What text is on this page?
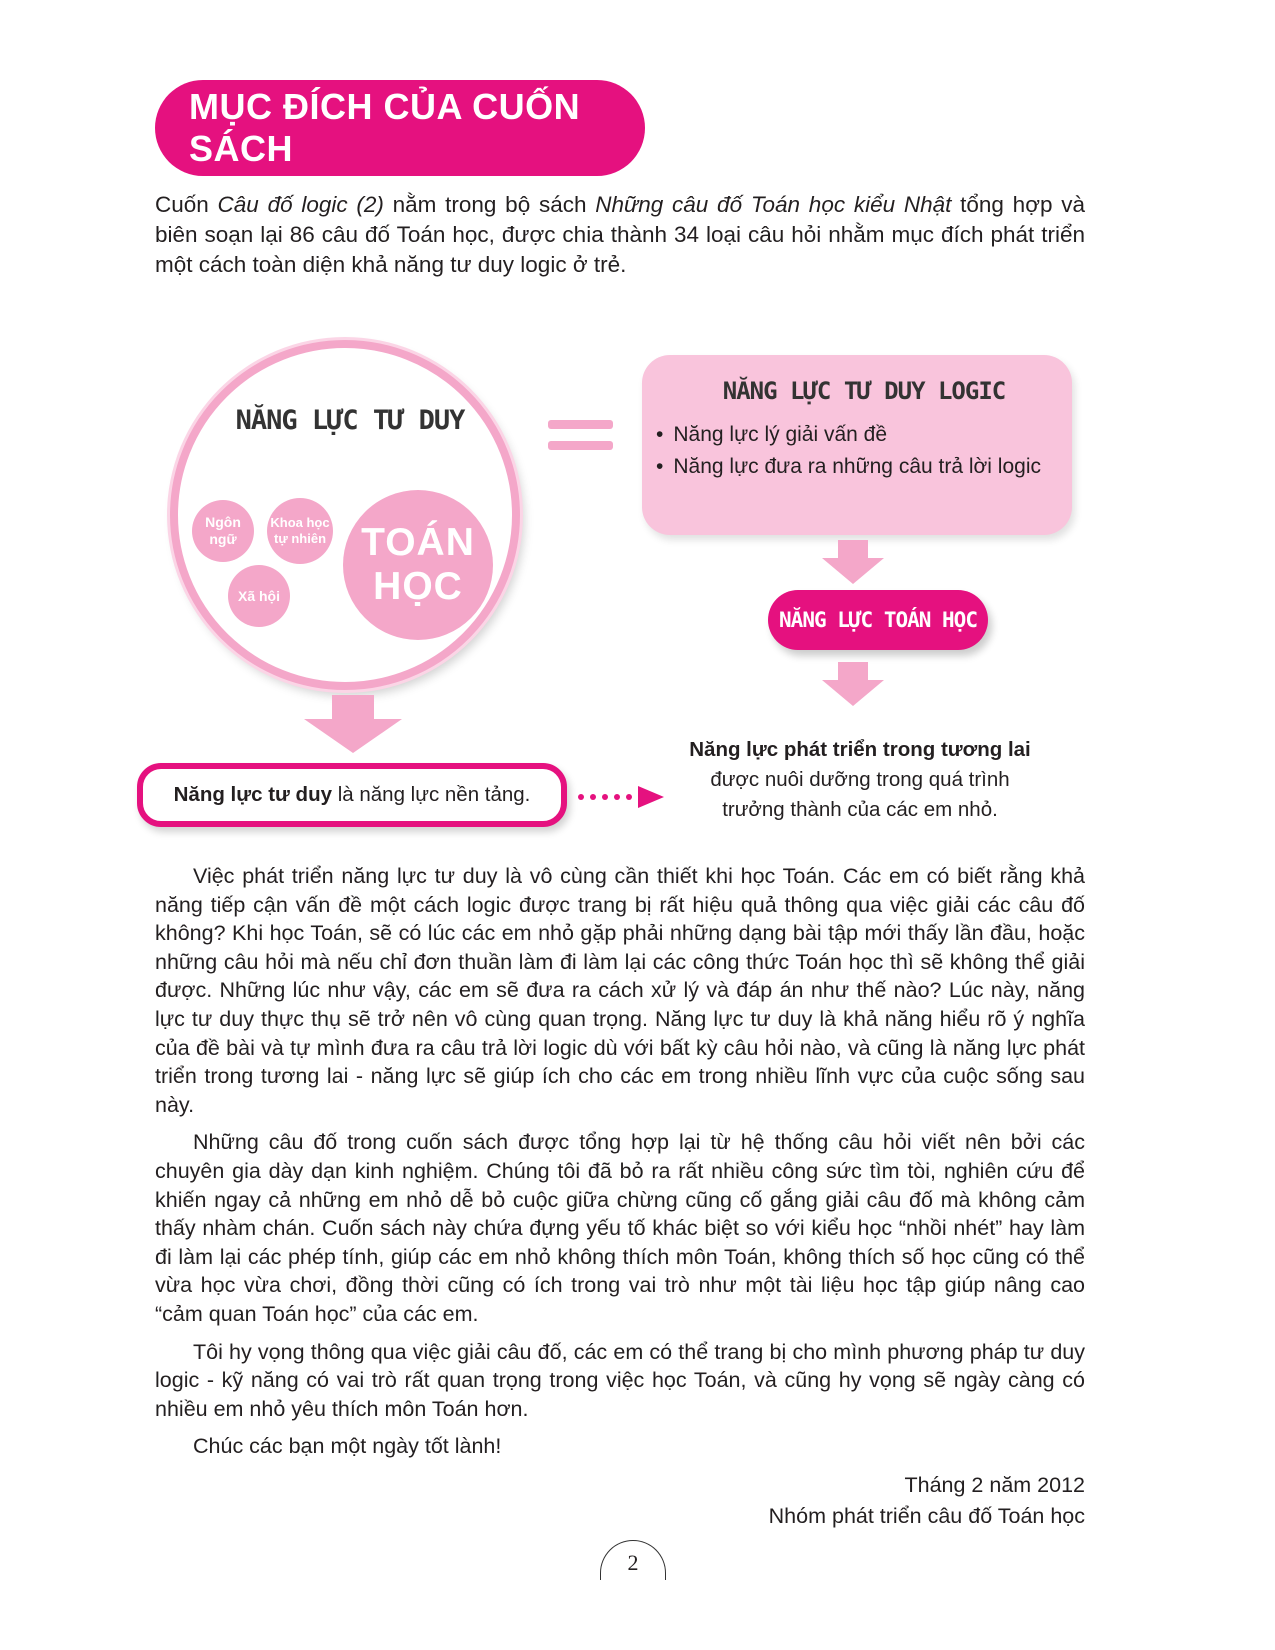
MỤC ĐÍCH CỦA CUỐN SÁCH

Cuốn Câu đố logic (2) nằm trong bộ sách Những câu đố Toán học kiểu Nhật tổng hợp và biên soạn lại 86 câu đố Toán học, được chia thành 34 loại câu hỏi nhằm mục đích phát triển một cách toàn diện khả năng tư duy logic ở trẻ.

NĂNG LỰC TƯ DUY
Ngôn ngữ
Khoa học tự nhiên
Xã hội
TOÁN HỌC
NĂNG LỰC TƯ DUY LOGIC
• Năng lực lý giải vấn đề
• Năng lực đưa ra những câu trả lời logic
NĂNG LỰC TOÁN HỌC
Năng lực phát triển trong tương lai được nuôi dưỡng trong quá trình trưởng thành của các em nhỏ.
Năng lực tư duy là năng lực nền tảng.

Việc phát triển năng lực tư duy là vô cùng cần thiết khi học Toán. Các em có biết rằng khả năng tiếp cận vấn đề một cách logic được trang bị rất hiệu quả thông qua việc giải các câu đố không? Khi học Toán, sẽ có lúc các em nhỏ gặp phải những dạng bài tập mới thấy lần đầu, hoặc những câu hỏi mà nếu chỉ đơn thuần làm đi làm lại các công thức Toán học thì sẽ không thể giải được. Những lúc như vậy, các em sẽ đưa ra cách xử lý và đáp án như thế nào? Lúc này, năng lực tư duy thực thụ sẽ trở nên vô cùng quan trọng. Năng lực tư duy là khả năng hiểu rõ ý nghĩa của đề bài và tự mình đưa ra câu trả lời logic dù với bất kỳ câu hỏi nào, và cũng là năng lực phát triển trong tương lai - năng lực sẽ giúp ích cho các em trong nhiều lĩnh vực của cuộc sống sau này.

Những câu đố trong cuốn sách được tổng hợp lại từ hệ thống câu hỏi viết nên bởi các chuyên gia dày dạn kinh nghiệm. Chúng tôi đã bỏ ra rất nhiều công sức tìm tòi, nghiên cứu để khiến ngay cả những em nhỏ dễ bỏ cuộc giữa chừng cũng cố gắng giải câu đố mà không cảm thấy nhàm chán. Cuốn sách này chứa đựng yếu tố khác biệt so với kiểu học “nhồi nhét” hay làm đi làm lại các phép tính, giúp các em nhỏ không thích môn Toán, không thích số học cũng có thể vừa học vừa chơi, đồng thời cũng có ích trong vai trò như một tài liệu học tập giúp nâng cao “cảm quan Toán học” của các em.

Tôi hy vọng thông qua việc giải câu đố, các em có thể trang bị cho mình phương pháp tư duy logic - kỹ năng có vai trò rất quan trọng trong việc học Toán, và cũng hy vọng sẽ ngày càng có nhiều em nhỏ yêu thích môn Toán hơn.

Chúc các bạn một ngày tốt lành!

Tháng 2 năm 2012
Nhóm phát triển câu đố Toán học
2
